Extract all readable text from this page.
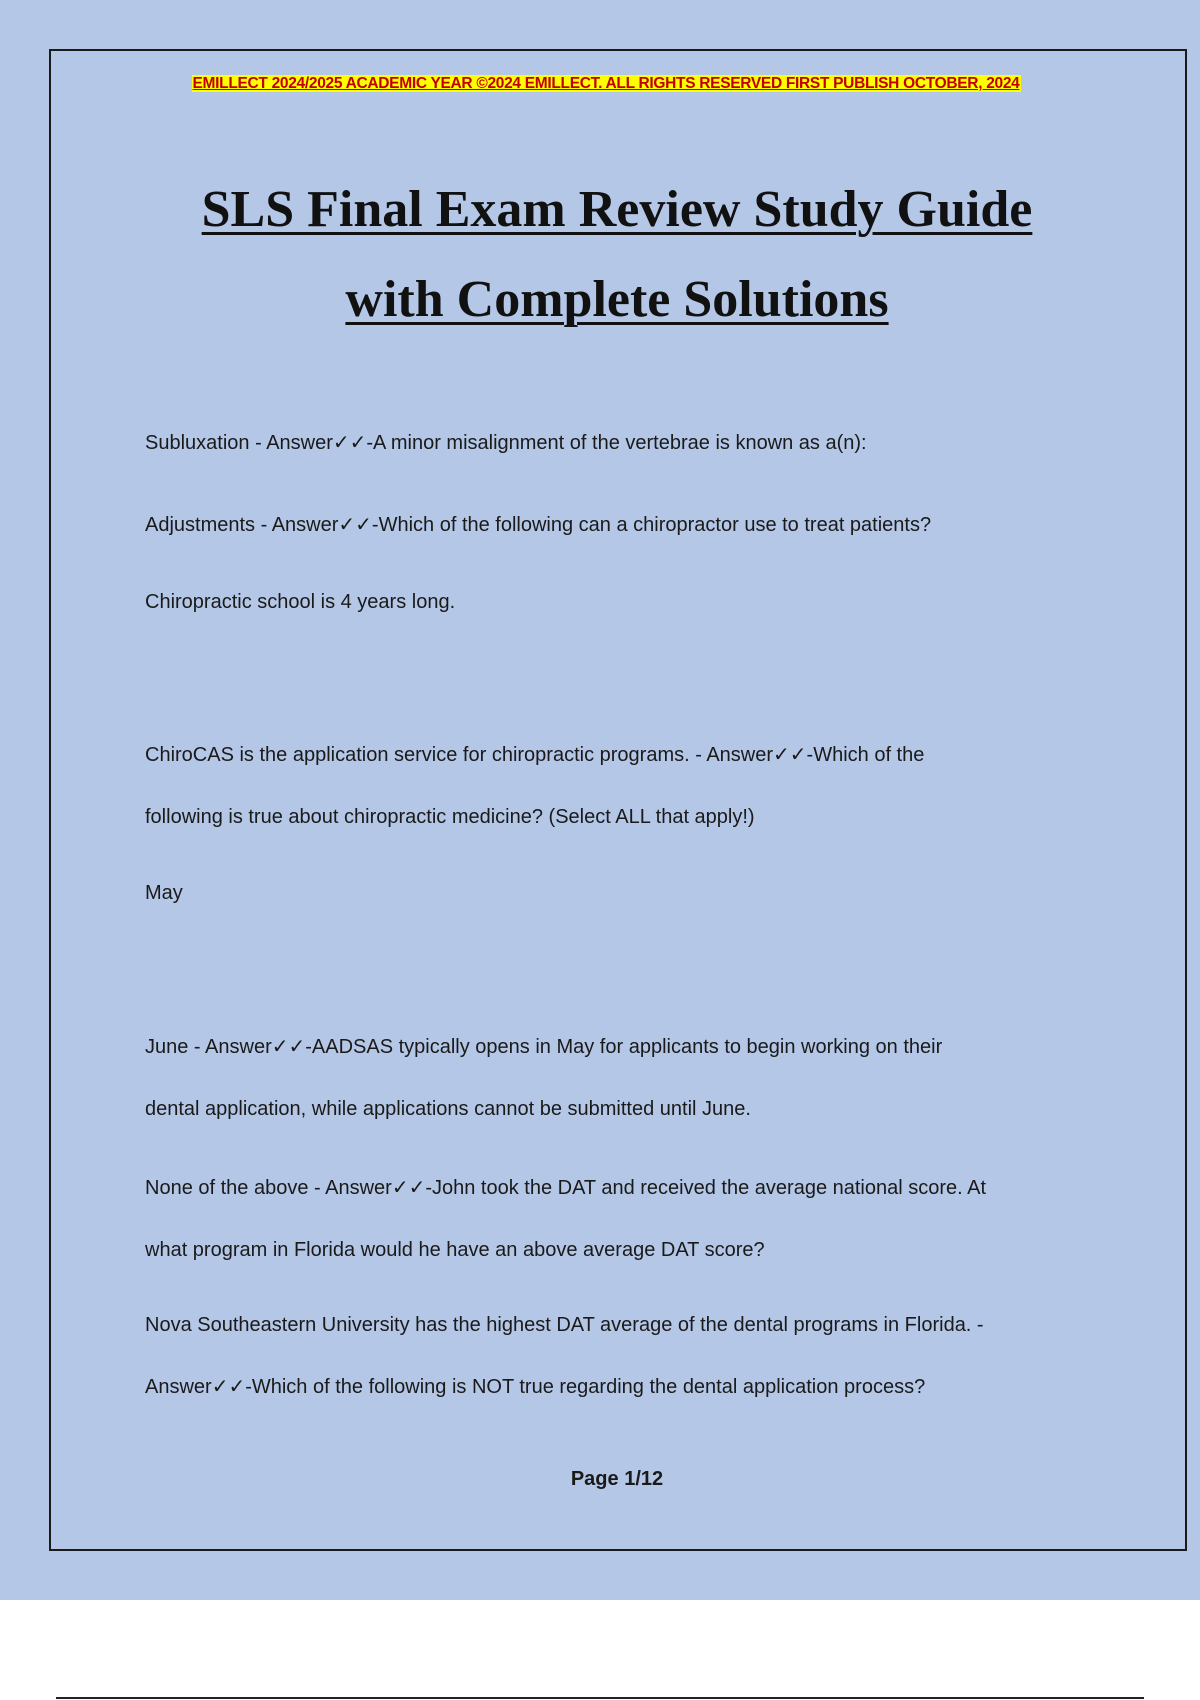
EMILLECT 2024/2025 ACADEMIC YEAR ©2024 EMILLECT. ALL RIGHTS RESERVED FIRST PUBLISH OCTOBER, 2024
SLS Final Exam Review Study Guide
with Complete Solutions

Subluxation - Answer✓✓-A minor misalignment of the vertebrae is known as a(n):

Adjustments - Answer✓✓-Which of the following can a chiropractor use to treat patients?

Chiropractic school is 4 years long.

ChiroCAS is the application service for chiropractic programs. - Answer✓✓-Which of the

following is true about chiropractic medicine? (Select ALL that apply!)

May

June - Answer✓✓-AADSAS typically opens in May for applicants to begin working on their

dental application, while applications cannot be submitted until June.

None of the above - Answer✓✓-John took the DAT and received the average national score. At

what program in Florida would he have an above average DAT score?

Nova Southeastern University has the highest DAT average of the dental programs in Florida. -

Answer✓✓-Which of the following is NOT true regarding the dental application process?

Page 1/12
